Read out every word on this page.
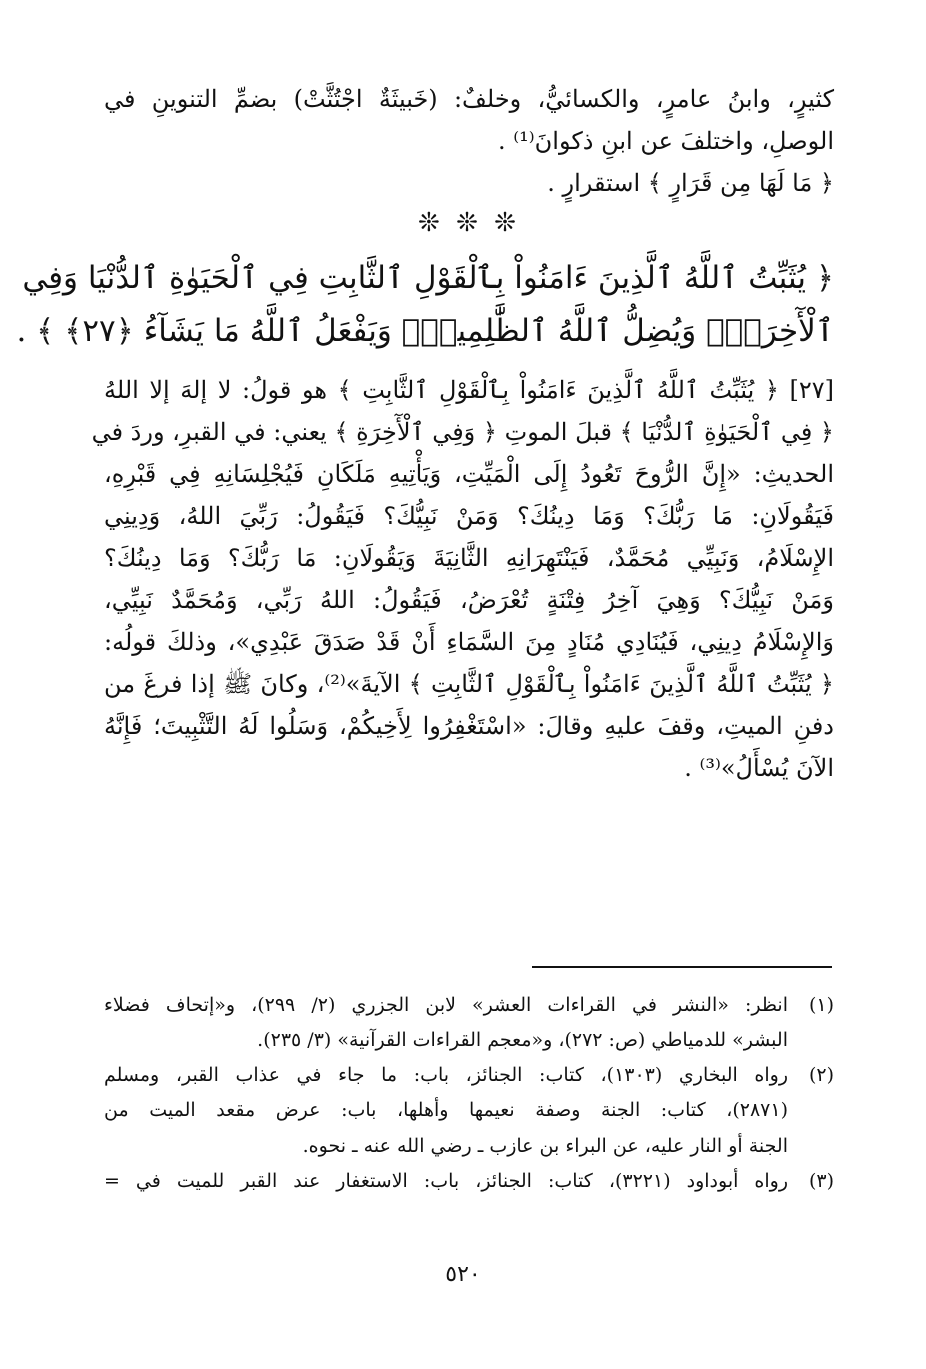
كثيرٍ، وابنُ عامرٍ، والكسائيُّ، وخلفٌ: (خَبيثَةٌ اجْتُثَّتْ) بضمِّ التنوينِ في
الوصلِ، واختلفَ عن ابنِ ذكوانَ⁽¹⁾ .
﴿ مَا لَهَا مِن قَرَارٍ ﴾ استقرارٍ .
❊ ❊ ❊
﴿ يُثَبِّتُ ٱللَّهُ ٱلَّذِينَ ءَامَنُواْ بِٱلْقَوْلِ ٱلثَّابِتِ فِي ٱلْحَيَوٰةِ ٱلدُّنْيَا وَفِي
ٱلْأٓخِرَةِۖ وَيُضِلُّ ٱللَّهُ ٱلظَّٰلِمِينَۚ وَيَفْعَلُ ٱللَّهُ مَا يَشَآءُ ﴿٢٧﴾ ﴾ .
[٢٧] ﴿ يُثَبِّتُ ٱللَّهُ ٱلَّذِينَ ءَامَنُواْ بِٱلْقَوْلِ ٱلثَّابِتِ ﴾ هو قولُ: لا إلهَ إلا اللهُ
﴿ فِي ٱلْحَيَوٰةِ ٱلدُّنْيَا ﴾ قبلَ الموتِ ﴿ وَفِي ٱلْأٓخِرَةِ ﴾ يعني: في القبرِ، وردَ في
الحديثِ: «إِنَّ الرُّوحَ تَعُودُ إِلَى الْمَيِّتِ، وَيَأْتِيهِ مَلَكَانِ فَيُجْلِسَانِهِ فِي قَبْرِهِ،
فَيَقُولَانِ: مَا رَبُّكَ؟ وَمَا دِينُكَ؟ وَمَنْ نَبِيُّكَ؟ فَيَقُولُ: رَبِّيَ اللهُ، وَدِينِي
الإِسْلَامُ، وَنَبِيِّي مُحَمَّدٌ، فَيَنْتَهِرَانِهِ الثَّانِيَةَ وَيَقُولَانِ: مَا رَبُّكَ؟ وَمَا دِينُكَ؟
وَمَنْ نَبِيُّكَ؟ وَهِيَ آخِرُ فِتْنَةٍ تُعْرَضُ، فَيَقُولُ: اللهُ رَبِّي، وَمُحَمَّدٌ نَبِيِّي،
وَالإِسْلَامُ دِينِي، فَيُنَادِي مُنَادٍ مِنَ السَّمَاءِ أَنْ قَدْ صَدَقَ عَبْدِي»، وذلكَ قولُه:
﴿ يُثَبِّتُ ٱللَّهُ ٱلَّذِينَ ءَامَنُواْ بِٱلْقَوْلِ ٱلثَّابِتِ ﴾ الآيةَ»⁽²⁾، وكانَ ﷺ إذا فرغَ من
دفنِ الميتِ، وقفَ عليهِ وقالَ: «اسْتَغْفِرُوا لِأَخِيكُمْ، وَسَلُوا لَهُ التَّثْبِيتَ؛ فَإِنَّهُ
الآنَ يُسْأَلُ»⁽³⁾ .
(١)
انظر: «النشر في القراءات العشر» لابن الجزري (٢/ ٢٩٩)، و«إتحاف فضلاء
البشر» للدمياطي (ص: ٢٧٢)، و«معجم القراءات القرآنية» (٣/ ٢٣٥).
(٢)
رواه البخاري (١٣٠٣)، كتاب: الجنائز، باب: ما جاء في عذاب القبر، ومسلم
(٢٨٧١)، كتاب: الجنة وصفة نعيمها وأهلها، باب: عرض مقعد الميت من
الجنة أو النار عليه، عن البراء بن عازب ـ رضي الله عنه ـ نحوه.
(٣)
رواه أبوداود (٣٢٢١)، كتاب: الجنائز، باب: الاستغفار عند القبر للميت في =
٥٢٠
